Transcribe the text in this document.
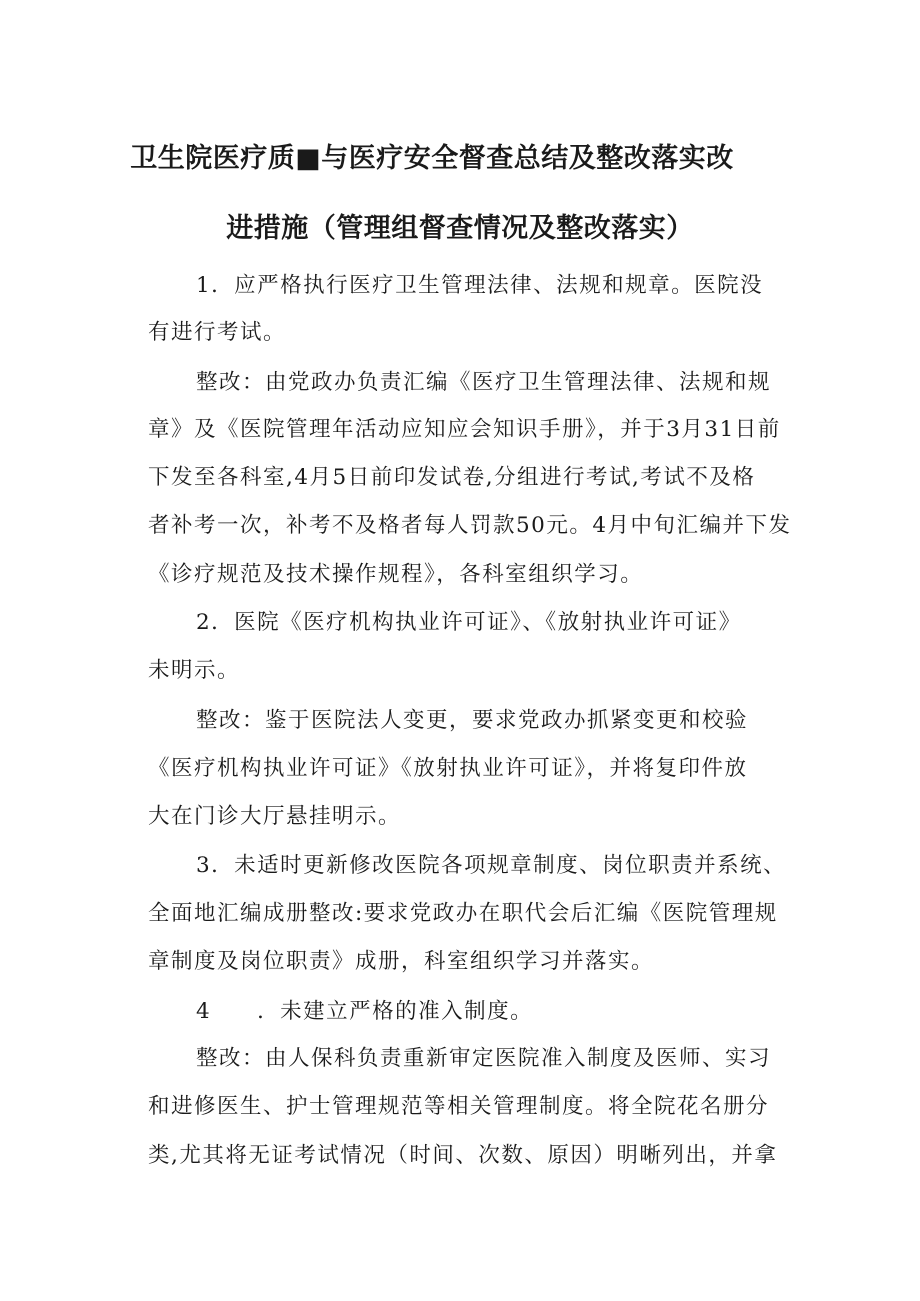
卫生院医疗质■与医疗安全督查总结及整改落实改
进措施（管理组督查情况及整改落实）
1．应严格执行医疗卫生管理法律、法规和规章。医院没
有进行考试。
整改：由党政办负责汇编《医疗卫生管理法律、法规和规
章》及《医院管理年活动应知应会知识手册》，并于3月31日前
下发至各科室,4月5日前印发试卷,分组进行考试,考试不及格
者补考一次，补考不及格者每人罚款50元。4月中旬汇编并下发
《诊疗规范及技术操作规程》，各科室组织学习。
2．医院《医疗机构执业许可证》、《放射执业许可证》
未明示。
整改：鉴于医院法人变更，要求党政办抓紧变更和校验
《医疗机构执业许可证》《放射执业许可证》，并将复印件放
大在门诊大厅悬挂明示。
3．未适时更新修改医院各项规章制度、岗位职责并系统、
全面地汇编成册整改:要求党政办在职代会后汇编《医院管理规
章制度及岗位职责》成册，科室组织学习并落实。
4　　．未建立严格的准入制度。
整改：由人保科负责重新审定医院准入制度及医师、实习
和进修医生、护士管理规范等相关管理制度。将全院花名册分
类,尤其将无证考试情况（时间、次数、原因）明晰列出，并拿
